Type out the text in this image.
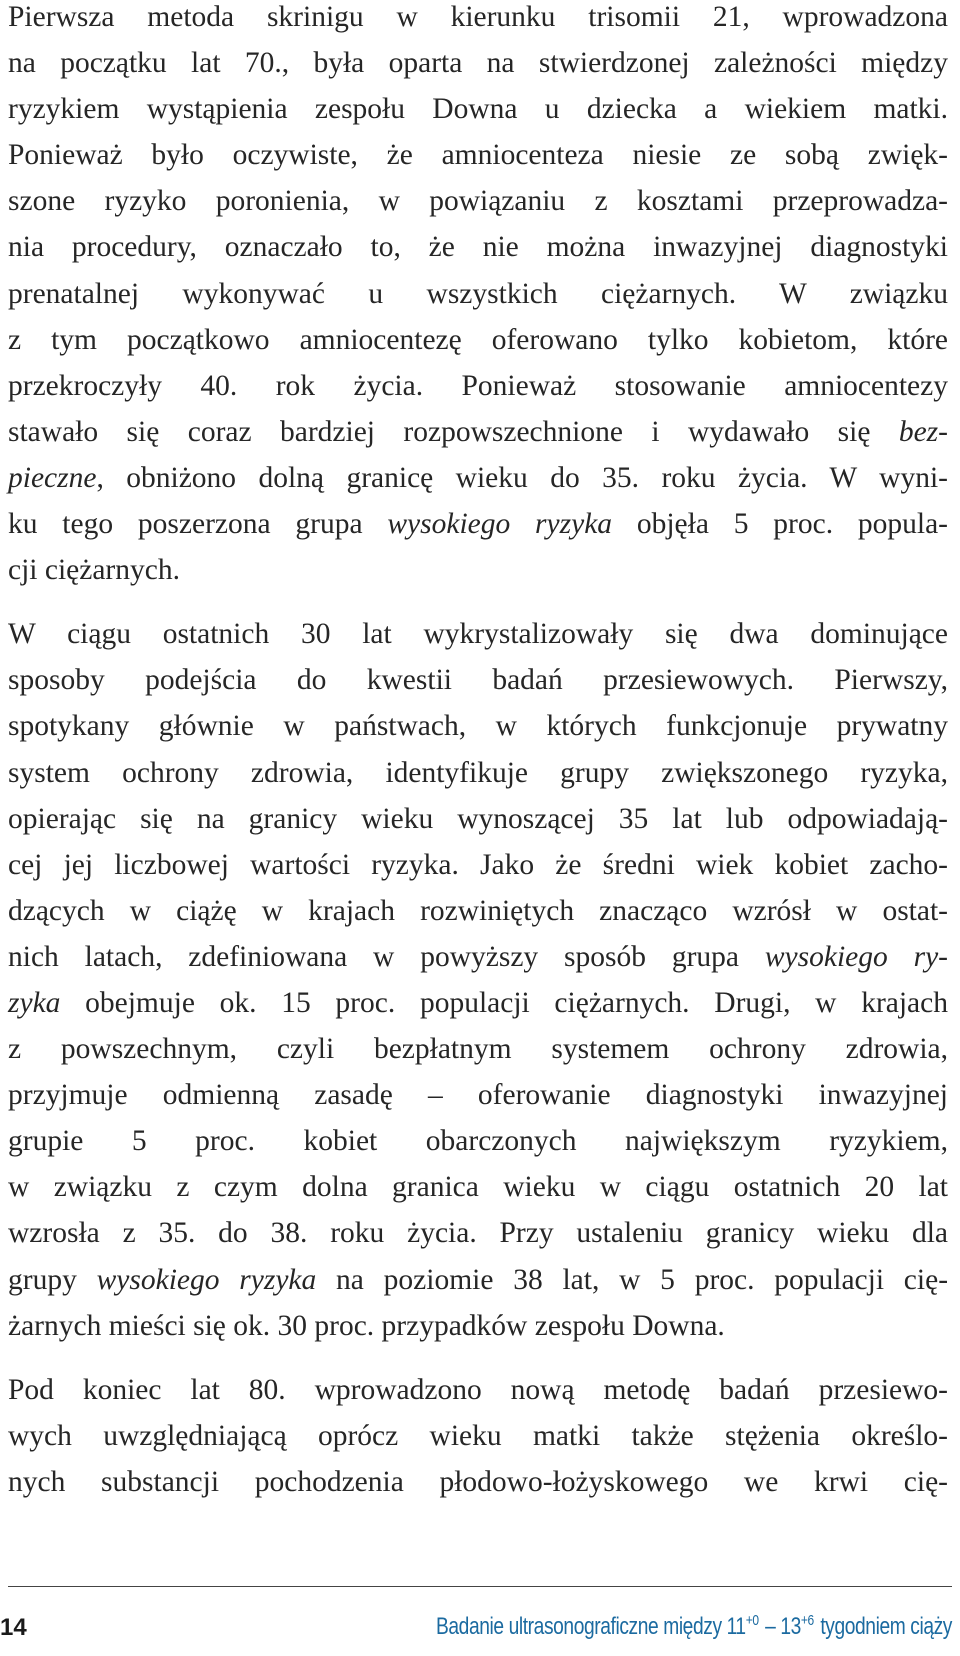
Pierwsza metoda skrinigu w kierunku trisomii 21, wprowadzona
na początku lat 70., była oparta na stwierdzonej zależności między
ryzykiem wystąpienia zespołu Downa u dziecka a wiekiem matki.
Ponieważ było oczywiste, że amniocenteza niesie ze sobą zwięk-
szone ryzyko poronienia, w powiązaniu z kosztami przeprowadza-
nia procedury, oznaczało to, że nie można inwazyjnej diagnostyki
prenatalnej wykonywać u wszystkich ciężarnych. W związku
z tym początkowo amniocentezę oferowano tylko kobietom, które
przekroczyły 40. rok życia. Ponieważ stosowanie amniocentezy
stawało się coraz bardziej rozpowszechnione i wydawało się bez-
pieczne, obniżono dolną granicę wieku do 35. roku życia. W wyni-
ku tego poszerzona grupa wysokiego ryzyka objęła 5 proc. popula-
cji ciężarnych.
W ciągu ostatnich 30 lat wykrystalizowały się dwa dominujące
sposoby podejścia do kwestii badań przesiewowych. Pierwszy,
spotykany głównie w państwach, w których funkcjonuje prywatny
system ochrony zdrowia, identyfikuje grupy zwiększonego ryzyka,
opierając się na granicy wieku wynoszącej 35 lat lub odpowiadają-
cej jej liczbowej wartości ryzyka. Jako że średni wiek kobiet zacho-
dzących w ciążę w krajach rozwiniętych znacząco wzrósł w ostat-
nich latach, zdefiniowana w powyższy sposób grupa wysokiego ry-
zyka obejmuje ok. 15 proc. populacji ciężarnych. Drugi, w krajach
z powszechnym, czyli bezpłatnym systemem ochrony zdrowia,
przyjmuje odmienną zasadę – oferowanie diagnostyki inwazyjnej
grupie 5 proc. kobiet obarczonych największym ryzykiem,
w związku z czym dolna granica wieku w ciągu ostatnich 20 lat
wzrosła z 35. do 38. roku życia. Przy ustaleniu granicy wieku dla
grupy wysokiego ryzyka na poziomie 38 lat, w 5 proc. populacji cię-
żarnych mieści się ok. 30 proc. przypadków zespołu Downa.
Pod koniec lat 80. wprowadzono nową metodę badań przesiewo-
wych uwzględniającą oprócz wieku matki także stężenia określo-
nych substancji pochodzenia płodowo-łożyskowego we krwi cię-
14	Badanie ultrasonograficzne między $11^{+0} - 13^{+6}$ tygodniem ciąży
